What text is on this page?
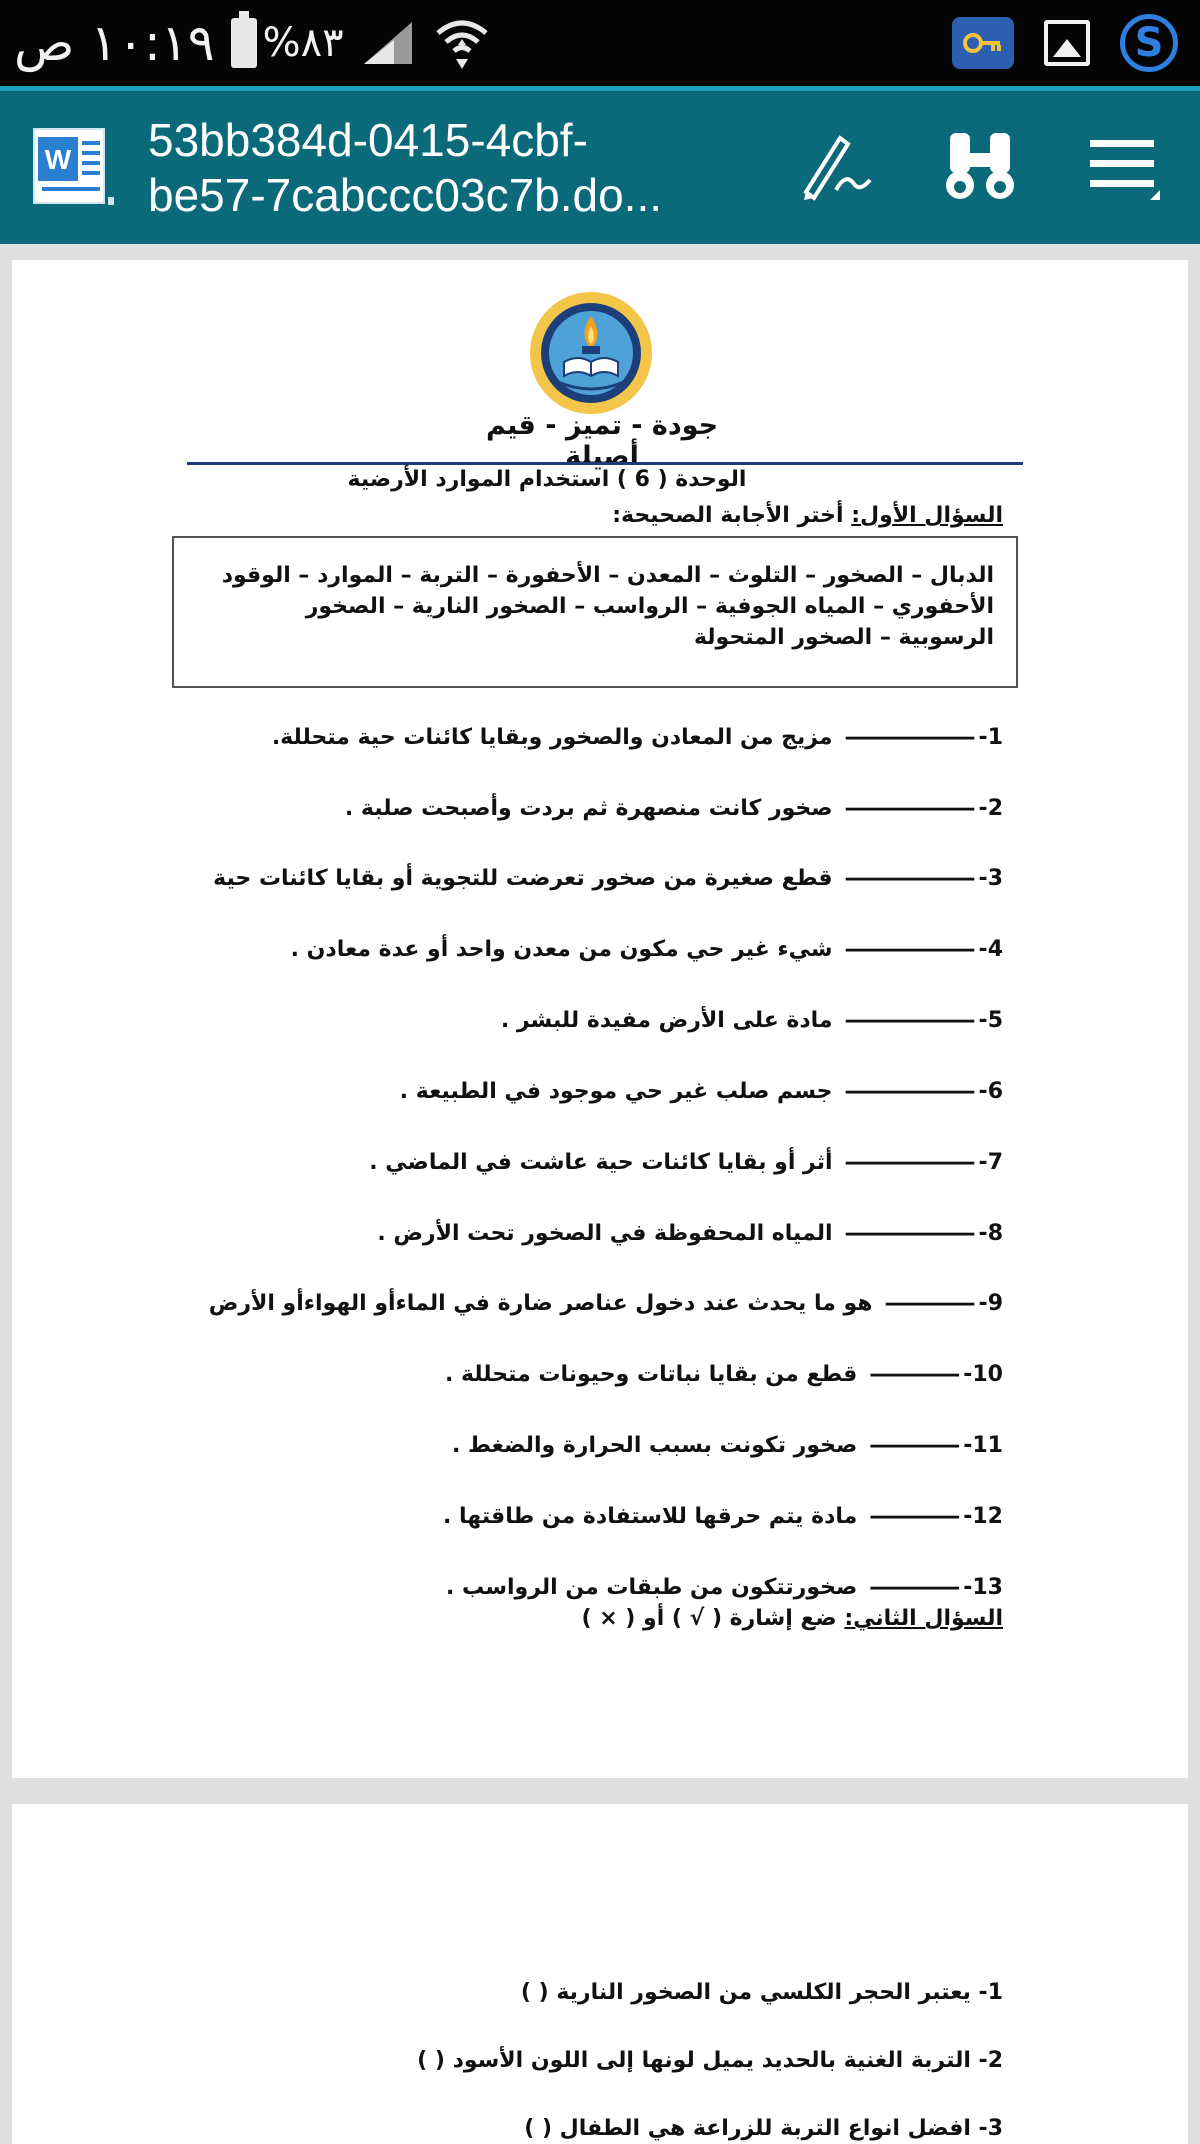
١٠:١٩ ص %٨٣	S
W 53bb384d-0415-4cbf-
be57-7cabccc03c7b.do...
جودة - تميز - قيم أصيلة
الوحدة ( 6 ) استخدام الموارد الأرضية
السؤال الأول: أختر الأجابة الصحيحة:
الدبال – الصخور – التلوث – المعدن – الأحفورة – التربة – الموارد – الوقود الأحفوري – المياه الجوفية – الرواسب – الصخور النارية – الصخور الرسوبية – الصخور المتحولة
1-––––––––––––––––مزيج من المعادن والصخور وبقايا كائنات حية متحللة.
2-––––––––––––––––صخور كانت منصهرة ثم بردت وأصبحت صلبة .
3-––––––––––––––––قطع صغيرة من صخور تعرضت للتجوية أو بقايا كائنات حية
4-––––––––––––––––شيء غير حي مكون من معدن واحد أو عدة معادن .
5-––––––––––––––––مادة على الأرض مفيدة للبشر .
6-––––––––––––––––جسم صلب غير حي موجود في الطبيعة .
7-––––––––––––––––أثر أو بقايا كائنات حية عاشت في الماضي .
8-––––––––––––––––المياه المحفوظة في الصخور تحت الأرض .
9-–––––––––––هو ما يحدث عند دخول عناصر ضارة في الماءأو الهواءأو الأرض
10-–––––––––––قطع من بقايا نباتات وحيونات متحللة .
11-–––––––––––صخور تكونت بسبب الحرارة والضغط .
12-–––––––––––مادة يتم حرقها للاستفادة من طاقتها .
13-–––––––––––صخورتتكون من طبقات من الرواسب .
السؤال الثاني: ضع إشارة ( √ ) أو ( × )
1- يعتبر الحجر الكلسي من الصخور النارية ( )
2- التربة الغنية بالحديد يميل لونها إلى اللون الأسود ( )
3- افضل انواع التربة للزراعة هي الطفال ( )
